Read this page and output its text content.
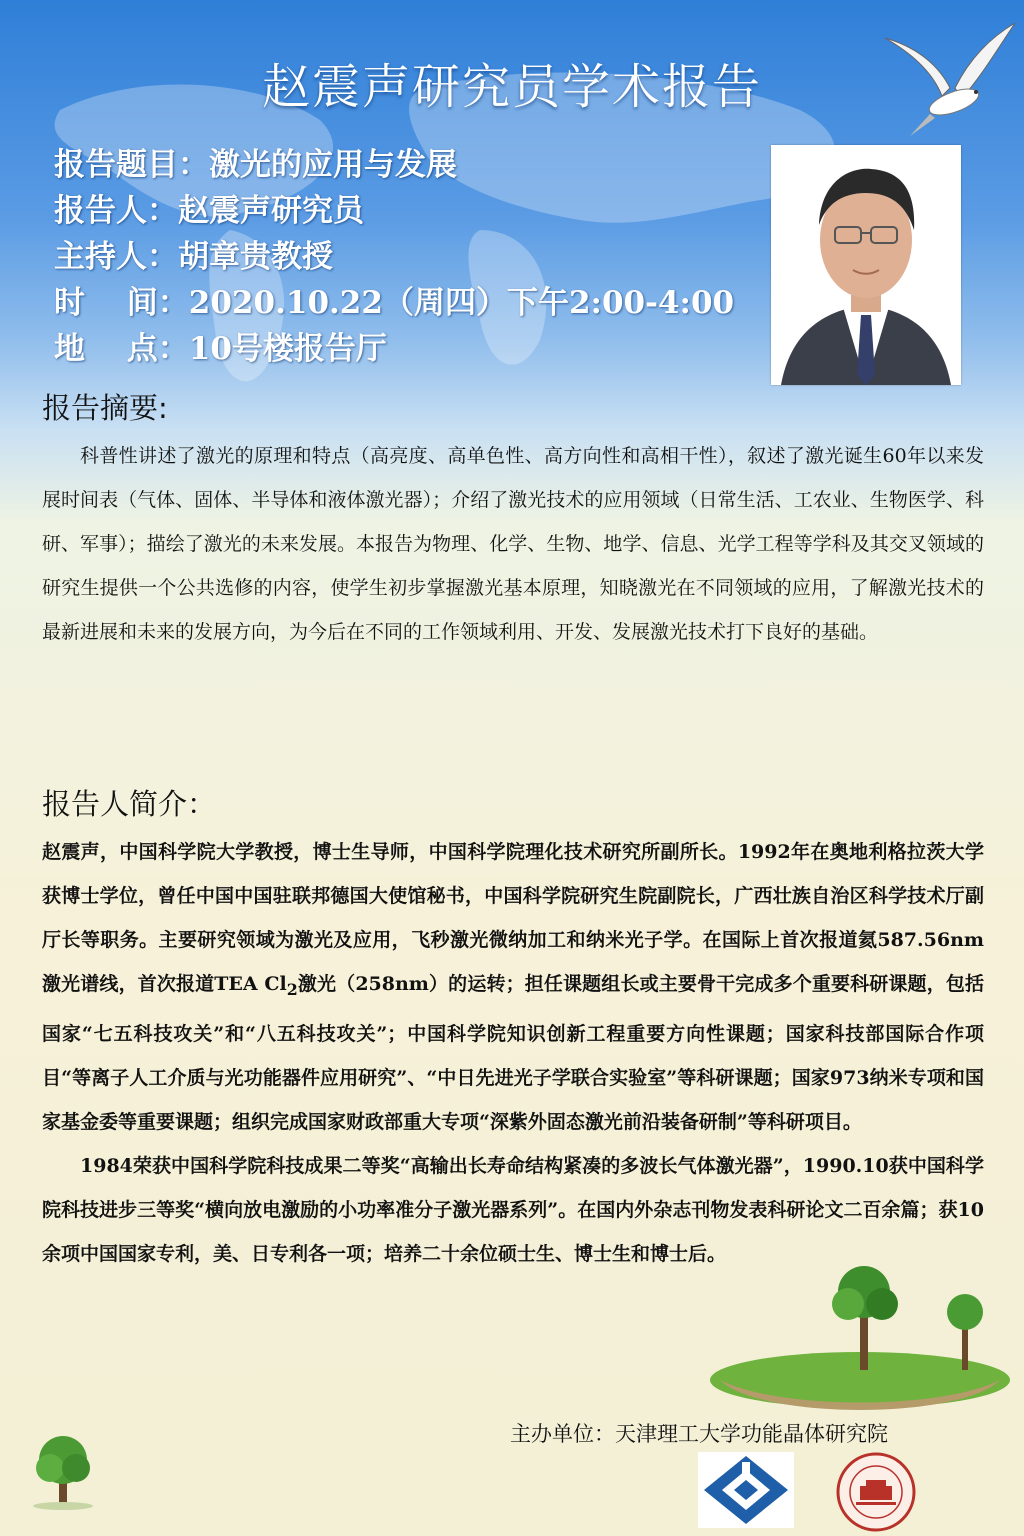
赵震声研究员学术报告
报告题目：激光的应用与发展
报告人：赵震声研究员
主持人：胡章贵教授
时　 间：2020.10.22（周四）下午2:00-4:00
地　 点：10号楼报告厅
报告摘要:

科普性讲述了激光的原理和特点（高亮度、高单色性、高方向性和高相干性），叙述了激光诞生60年以来发展时间表（气体、固体、半导体和液体激光器）；介绍了激光技术的应用领域（日常生活、工农业、生物医学、科研、军事）；描绘了激光的未来发展。本报告为物理、化学、生物、地学、信息、光学工程等学科及其交叉领域的研究生提供一个公共选修的内容，使学生初步掌握激光基本原理，知晓激光在不同领域的应用，了解激光技术的最新进展和未来的发展方向，为今后在不同的工作领域利用、开发、发展激光技术打下良好的基础。

报告人简介：

赵震声，中国科学院大学教授，博士生导师，中国科学院理化技术研究所副所长。1992年在奥地利格拉茨大学获博士学位，曾任中国中国驻联邦德国大使馆秘书，中国科学院研究生院副院长，广西壮族自治区科学技术厅副厅长等职务。主要研究领域为激光及应用，飞秒激光微纳加工和纳米光子学。在国际上首次报道氦587.56nm 激光谱线，首次报道TEA $Cl_2$激光（258nm）的运转；担任课题组长或主要骨干完成多个重要科研课题，包括国家“七五科技攻关”和“八五科技攻关”；中国科学院知识创新工程重要方向性课题；国家科技部国际合作项目“等离子人工介质与光功能器件应用研究”、“中日先进光子学联合实验室”等科研课题；国家973纳米专项和国家基金委等重要课题；组织完成国家财政部重大专项“深紫外固态激光前沿装备研制”等科研项目。

1984荣获中国科学院科技成果二等奖“高输出长寿命结构紧凑的多波长气体激光器”，1990.10获中国科学院科技进步三等奖“横向放电激励的小功率准分子激光器系列”。在国内外杂志刊物发表科研论文二百余篇；获10余项中国国家专利，美、日专利各一项；培养二十余位硕士生、博士生和博士后。

主办单位：天津理工大学功能晶体研究院
